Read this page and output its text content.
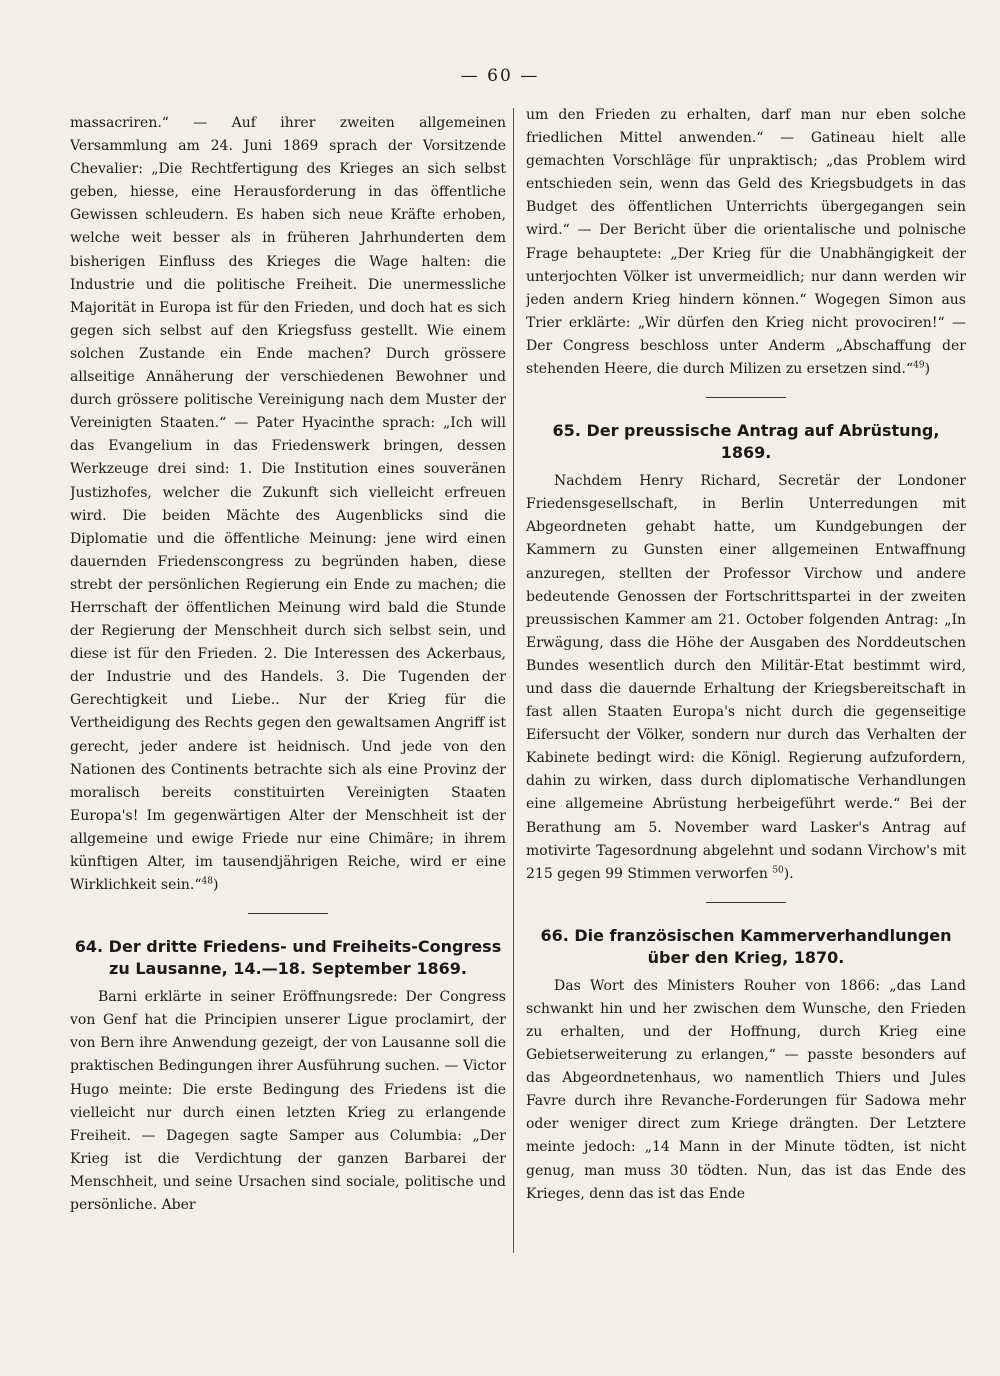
— 60 —

massacriren.“ — Auf ihrer zweiten allgemeinen Versammlung am 24. Juni 1869 sprach der Vorsitzende Chevalier: „Die Rechtfertigung des Krieges an sich selbst geben, hiesse, eine Herausforderung in das öffentliche Gewissen schleudern. Es haben sich neue Kräfte erhoben, welche weit besser als in früheren Jahrhunderten dem bisherigen Einfluss des Krieges die Wage halten: die Industrie und die politische Freiheit. Die unermessliche Majorität in Europa ist für den Frieden, und doch hat es sich gegen sich selbst auf den Kriegsfuss gestellt. Wie einem solchen Zustande ein Ende machen? Durch grössere allseitige Annäherung der verschiedenen Bewohner und durch grössere politische Vereinigung nach dem Muster der Vereinigten Staaten.“ — Pater Hyacinthe sprach: „Ich will das Evangelium in das Friedenswerk bringen, dessen Werkzeuge drei sind: 1. Die Institution eines souveränen Justizhofes, welcher die Zukunft sich vielleicht erfreuen wird. Die beiden Mächte des Augenblicks sind die Diplomatie und die öffentliche Meinung: jene wird einen dauernden Friedenscongress zu begründen haben, diese strebt der persönlichen Regierung ein Ende zu machen; die Herrschaft der öffentlichen Meinung wird bald die Stunde der Regierung der Menschheit durch sich selbst sein, und diese ist für den Frieden. 2. Die Interessen des Ackerbaus, der Industrie und des Handels. 3. Die Tugenden der Gerechtigkeit und Liebe.. Nur der Krieg für die Vertheidigung des Rechts gegen den gewaltsamen Angriff ist gerecht, jeder andere ist heidnisch. Und jede von den Nationen des Continents betrachte sich als eine Provinz der moralisch bereits constituirten Vereinigten Staaten Europa's! Im gegenwärtigen Alter der Menschheit ist der allgemeine und ewige Friede nur eine Chimäre; in ihrem künftigen Alter, im tausendjährigen Reiche, wird er eine Wirklichkeit sein.“$^{48}$)

64. Der dritte Friedens- und Freiheits-Congress zu Lausanne, 14.—18. September 1869.

Barni erklärte in seiner Eröffnungsrede: Der Congress von Genf hat die Principien unserer Ligue proclamirt, der von Bern ihre Anwendung gezeigt, der von Lausanne soll die praktischen Bedingungen ihrer Ausführung suchen. — Victor Hugo meinte: Die erste Bedingung des Friedens ist die vielleicht nur durch einen letzten Krieg zu erlangende Freiheit. — Dagegen sagte Samper aus Columbia: „Der Krieg ist die Verdichtung der ganzen Barbarei der Menschheit, und seine Ursachen sind sociale, politische und persönliche. Aber

um den Frieden zu erhalten, darf man nur eben solche friedlichen Mittel anwenden.“ — Gatineau hielt alle gemachten Vorschläge für unpraktisch; „das Problem wird entschieden sein, wenn das Geld des Kriegsbudgets in das Budget des öffentlichen Unterrichts übergegangen sein wird.“ — Der Bericht über die orientalische und polnische Frage behauptete: „Der Krieg für die Unabhängigkeit der unterjochten Völker ist unvermeidlich; nur dann werden wir jeden andern Krieg hindern können.“ Wogegen Simon aus Trier erklärte: „Wir dürfen den Krieg nicht provociren!“ — Der Congress beschloss unter Anderm „Abschaffung der stehenden Heere, die durch Milizen zu ersetzen sind.“$^{49}$)

65. Der preussische Antrag auf Abrüstung, 1869.

Nachdem Henry Richard, Secretär der Londoner Friedensgesellschaft, in Berlin Unterredungen mit Abgeordneten gehabt hatte, um Kundgebungen der Kammern zu Gunsten einer allgemeinen Entwaffnung anzuregen, stellten der Professor Virchow und andere bedeutende Genossen der Fortschrittspartei in der zweiten preussischen Kammer am 21. October folgenden Antrag: „In Erwägung, dass die Höhe der Ausgaben des Norddeutschen Bundes wesentlich durch den Militär-Etat bestimmt wird, und dass die dauernde Erhaltung der Kriegsbereitschaft in fast allen Staaten Europa's nicht durch die gegenseitige Eifersucht der Völker, sondern nur durch das Verhalten der Kabinete bedingt wird: die Königl. Regierung aufzufordern, dahin zu wirken, dass durch diplomatische Verhandlungen eine allgemeine Abrüstung herbeigeführt werde.“ Bei der Berathung am 5. November ward Lasker's Antrag auf motivirte Tagesordnung abgelehnt und sodann Virchow's mit 215 gegen 99 Stimmen verworfen $^{50}$).

66. Die französischen Kammerverhandlungen über den Krieg, 1870.

Das Wort des Ministers Rouher von 1866: „das Land schwankt hin und her zwischen dem Wunsche, den Frieden zu erhalten, und der Hoffnung, durch Krieg eine Gebietserweiterung zu erlangen,“ — passte besonders auf das Abgeordnetenhaus, wo namentlich Thiers und Jules Favre durch ihre Revanche-Forderungen für Sadowa mehr oder weniger direct zum Kriege drängten. Der Letztere meinte jedoch: „14 Mann in der Minute tödten, ist nicht genug, man muss 30 tödten. Nun, das ist das Ende des Krieges, denn das ist das Ende
